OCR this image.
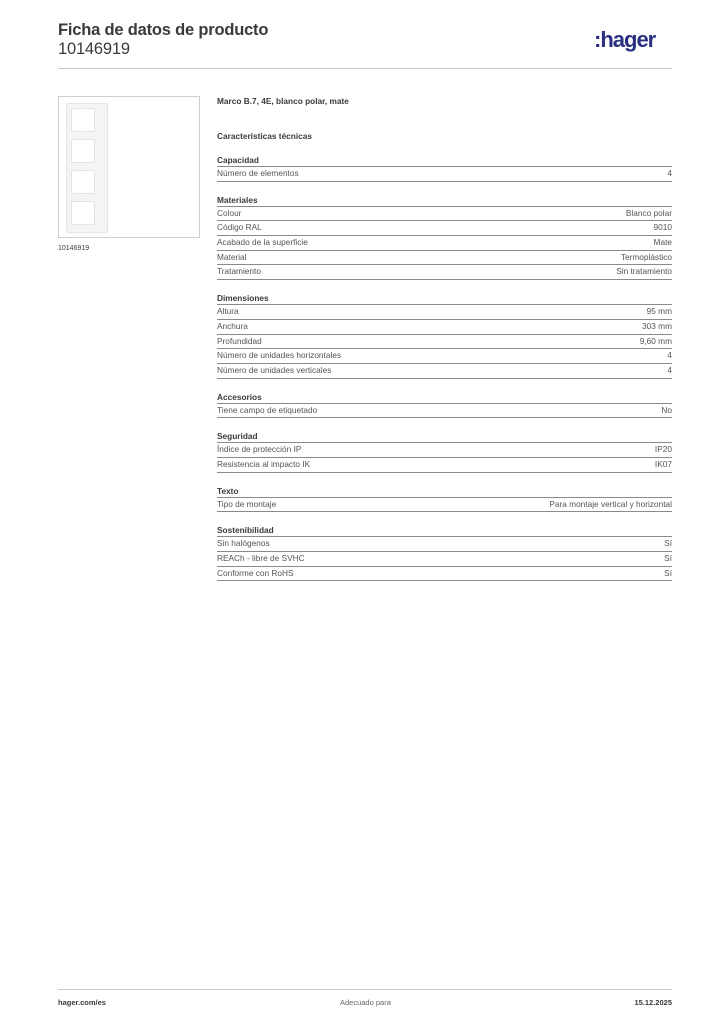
Ficha de datos de producto
10146919	:hager
10146919
Marco B.7, 4E, blanco polar, mate
Características técnicas
Capacidad
Número de elementos	4
Materiales
Colour	Blanco polar
Código RAL	9010
Acabado de la superficie	Mate
Material	Termoplástico
Tratamiento	Sin tratamiento
Dimensiones
Altura	95 mm
Anchura	303 mm
Profundidad	9,60 mm
Número de unidades horizontales	4
Número de unidades verticales	4
Accesorios
Tiene campo de etiquetado	No
Seguridad
Índice de protección IP	IP20
Resistencia al impacto IK	IK07
Texto
Tipo de montaje	Para montaje vertical y horizontal
Sostenibilidad
Sin halógenos	Sí
REACh - libre de SVHC	Sí
Conforme con RoHS	Sí
hager.com/es	Adecuado para	15.12.2025
